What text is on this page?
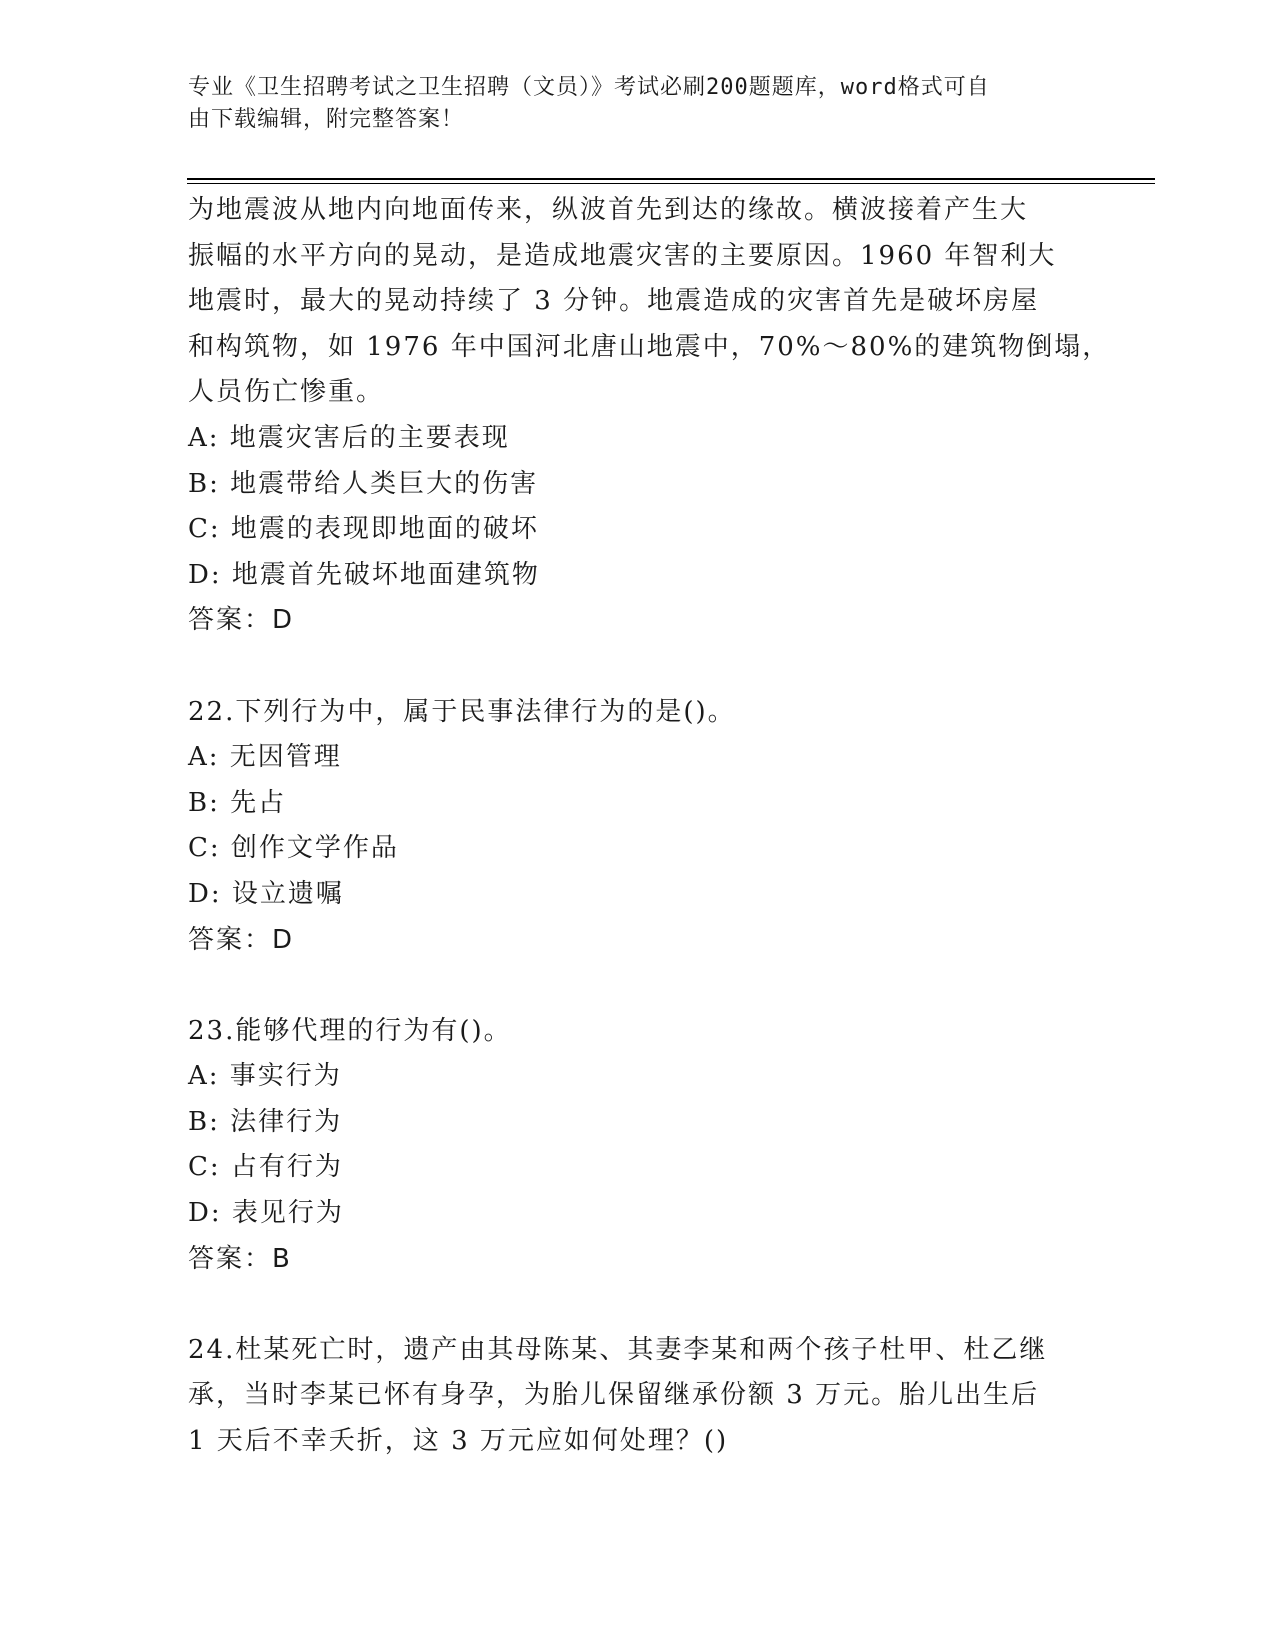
专业《卫生招聘考试之卫生招聘（文员）》考试必刷200题题库，word格式可自
由下载编辑，附完整答案！
为地震波从地内向地面传来，纵波首先到达的缘故。横波接着产生大
振幅的水平方向的晃动，是造成地震灾害的主要原因。1960 年智利大
地震时，最大的晃动持续了 3 分钟。地震造成的灾害首先是破坏房屋
和构筑物，如 1976 年中国河北唐山地震中，70%～80%的建筑物倒塌，
人员伤亡惨重。
A: 地震灾害后的主要表现
B: 地震带给人类巨大的伤害
C: 地震的表现即地面的破坏
D: 地震首先破坏地面建筑物
答案：D
22.下列行为中，属于民事法律行为的是()。
A: 无因管理
B: 先占
C: 创作文学作品
D: 设立遗嘱
答案：D
23.能够代理的行为有()。
A: 事实行为
B: 法律行为
C: 占有行为
D: 表见行为
答案：B
24.杜某死亡时，遗产由其母陈某、其妻李某和两个孩子杜甲、杜乙继
承，当时李某已怀有身孕，为胎儿保留继承份额 3 万元。胎儿出生后
1 天后不幸夭折，这 3 万元应如何处理？()
